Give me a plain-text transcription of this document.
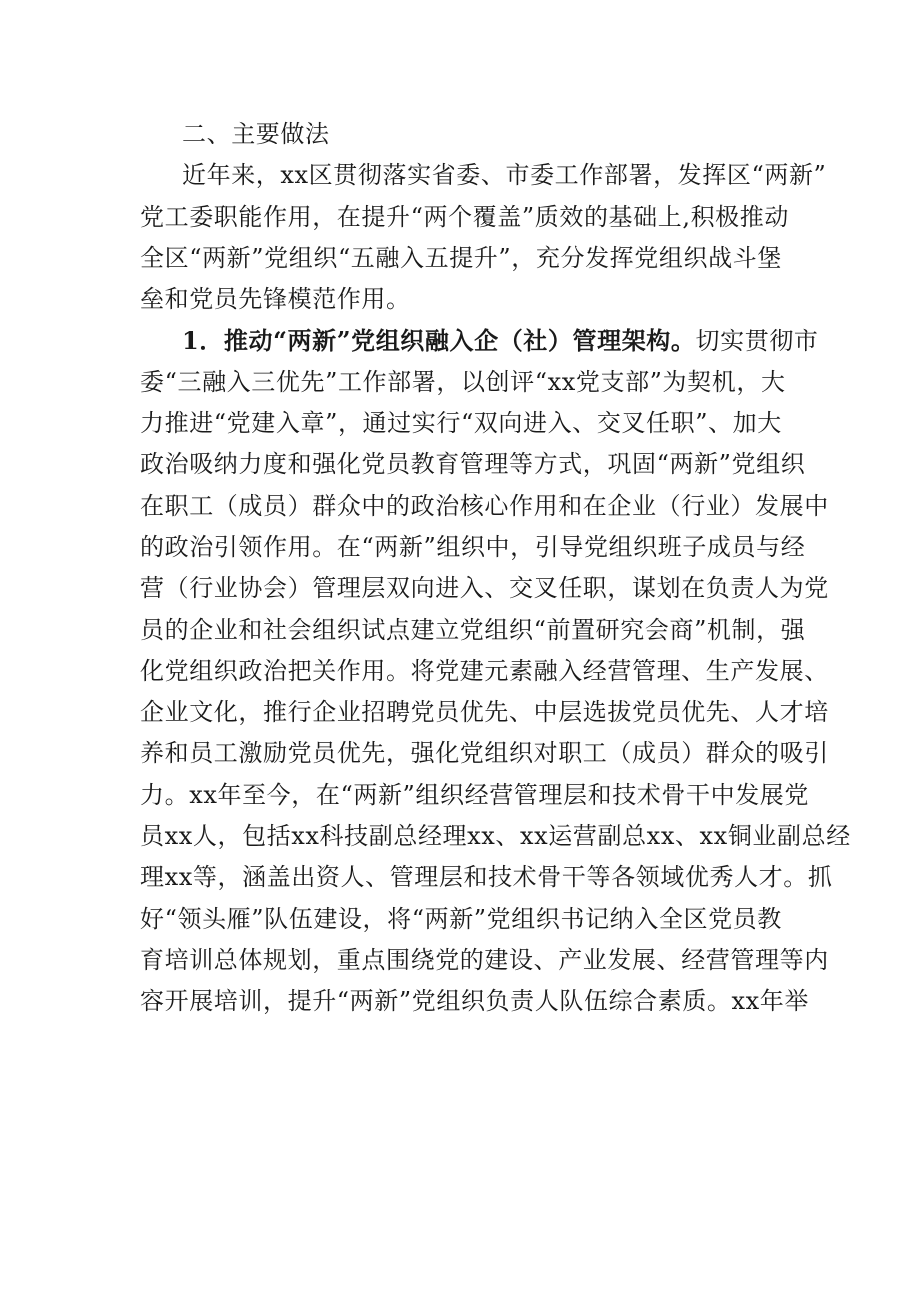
二、主要做法
近年来，xx区贯彻落实省委、市委工作部署，发挥区“两新”
党工委职能作用，在提升“两个覆盖”质效的基础上,积极推动
全区“两新”党组织“五融入五提升”，充分发挥党组织战斗堡
垒和党员先锋模范作用。
1．推动“两新”党组织融入企（社）管理架构。切实贯彻市
委“三融入三优先”工作部署，以创评“xx党支部”为契机，大
力推进“党建入章”，通过实行“双向进入、交叉任职”、加大
政治吸纳力度和强化党员教育管理等方式，巩固“两新”党组织
在职工（成员）群众中的政治核心作用和在企业（行业）发展中
的政治引领作用。在“两新”组织中，引导党组织班子成员与经
营（行业协会）管理层双向进入、交叉任职，谋划在负责人为党
员的企业和社会组织试点建立党组织“前置研究会商”机制，强
化党组织政治把关作用。将党建元素融入经营管理、生产发展、
企业文化，推行企业招聘党员优先、中层选拔党员优先、人才培
养和员工激励党员优先，强化党组织对职工（成员）群众的吸引
力。xx年至今，在“两新”组织经营管理层和技术骨干中发展党
员xx人，包括xx科技副总经理xx、xx运营副总xx、xx铜业副总经
理xx等，涵盖出资人、管理层和技术骨干等各领域优秀人才。抓
好“领头雁”队伍建设，将“两新”党组织书记纳入全区党员教
育培训总体规划，重点围绕党的建设、产业发展、经营管理等内
容开展培训，提升“两新”党组织负责人队伍综合素质。xx年举
